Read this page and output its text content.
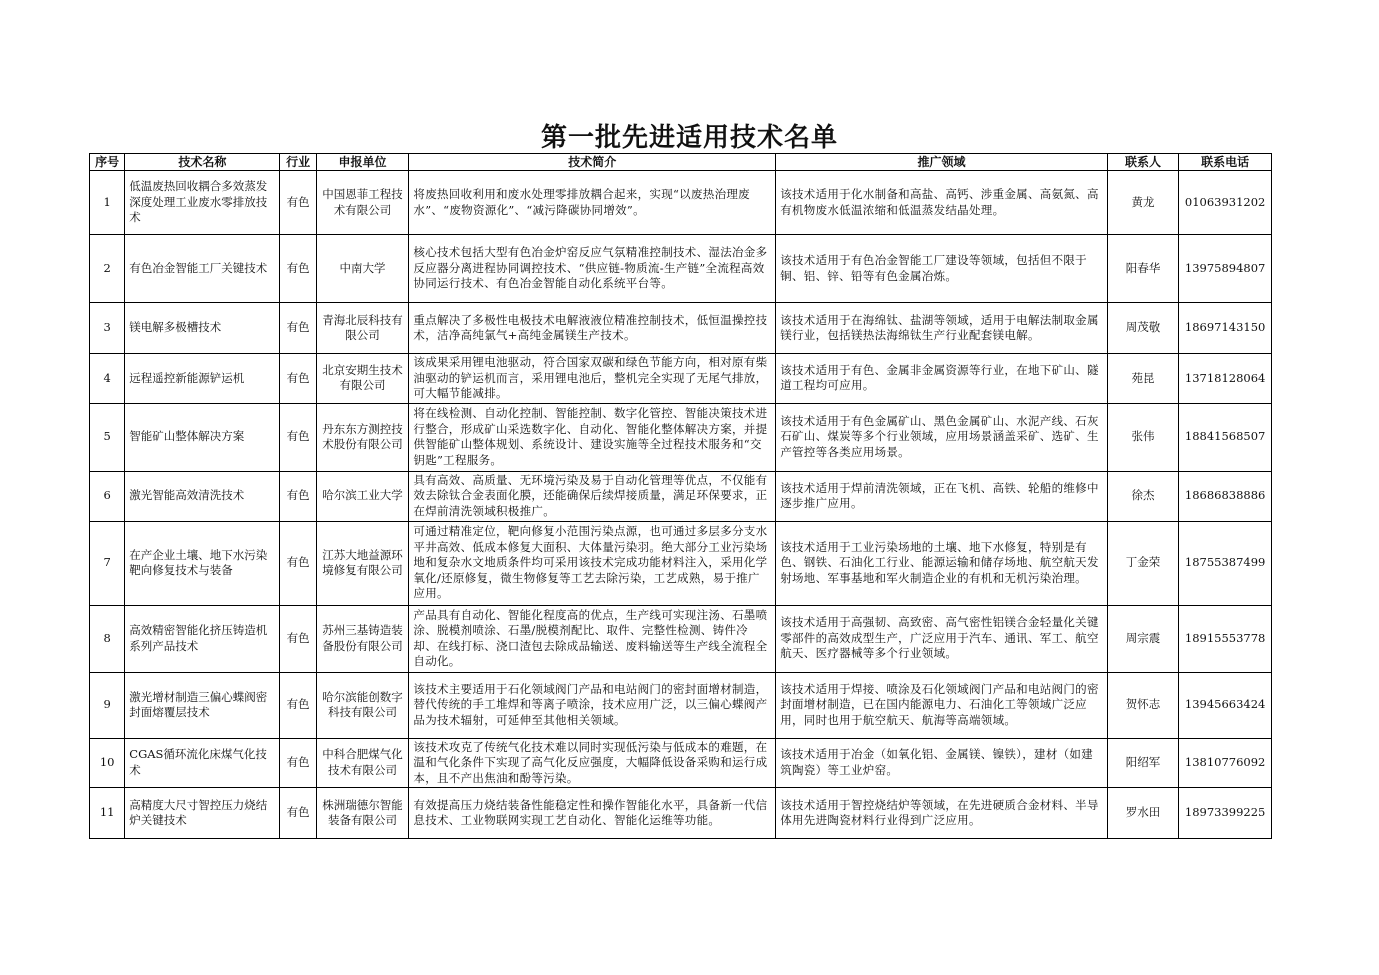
第一批先进适用技术名单
序号	技术名称	行业	申报单位	技术简介	推广领域	联系人	联系电话
1	低温废热回收耦合多效蒸发深度处理工业废水零排放技术	有色	中国恩菲工程技术有限公司	将废热回收利用和废水处理零排放耦合起来，实现“以废热治理废水”、“废物资源化”、“减污降碳协同增效”。	该技术适用于化水制备和高盐、高钙、涉重金属、高氨氮、高有机物废水低温浓缩和低温蒸发结晶处理。	黄龙	01063931202
2	有色冶金智能工厂关键技术	有色	中南大学	核心技术包括大型有色冶金炉窑反应气氛精准控制技术、湿法冶金多反应器分离进程协同调控技术、“供应链-物质流-生产链”全流程高效协同运行技术、有色冶金智能自动化系统平台等。	该技术适用于有色冶金智能工厂建设等领域，包括但不限于铜、铝、锌、铅等有色金属冶炼。	阳春华	13975894807
3	镁电解多极槽技术	有色	青海北辰科技有限公司	重点解决了多极性电极技术电解液液位精准控制技术，低恒温操控技术，洁净高纯氯气+高纯金属镁生产技术。	该技术适用于在海绵钛、盐湖等领域，适用于电解法制取金属镁行业，包括镁热法海绵钛生产行业配套镁电解。	周茂敬	18697143150
4	远程遥控新能源铲运机	有色	北京安期生技术有限公司	该成果采用锂电池驱动，符合国家双碳和绿色节能方向，相对原有柴油驱动的铲运机而言，采用锂电池后，整机完全实现了无尾气排放，可大幅节能减排。	该技术适用于有色、金属非金属资源等行业，在地下矿山、隧道工程均可应用。	苑昆	13718128064
5	智能矿山整体解决方案	有色	丹东东方测控技术股份有限公司	将在线检测、自动化控制、智能控制、数字化管控、智能决策技术进行整合，形成矿山采选数字化、自动化、智能化整体解决方案，并提供智能矿山整体规划、系统设计、建设实施等全过程技术服务和“交钥匙”工程服务。	该技术适用于有色金属矿山、黑色金属矿山、水泥产线、石灰石矿山、煤炭等多个行业领域，应用场景涵盖采矿、选矿、生产管控等各类应用场景。	张伟	18841568507
6	激光智能高效清洗技术	有色	哈尔滨工业大学	具有高效、高质量、无环境污染及易于自动化管理等优点，不仅能有效去除钛合金表面化膜，还能确保后续焊接质量，满足环保要求，正在焊前清洗领域积极推广。	该技术适用于焊前清洗领域，正在飞机、高铁、轮船的维修中逐步推广应用。	徐杰	18686838886
7	在产企业土壤、地下水污染靶向修复技术与装备	有色	江苏大地益源环境修复有限公司	可通过精准定位，靶向修复小范围污染点源，也可通过多层多分支水平井高效、低成本修复大面积、大体量污染羽。绝大部分工业污染场地和复杂水文地质条件均可采用该技术完成功能材料注入，采用化学氧化/还原修复，微生物修复等工艺去除污染，工艺成熟，易于推广应用。	该技术适用于工业污染场地的土壤、地下水修复，特别是有色、钢铁、石油化工行业、能源运输和储存场地、航空航天发射场地、军事基地和军火制造企业的有机和无机污染治理。	丁金荣	18755387499
8	高效精密智能化挤压铸造机系列产品技术	有色	苏州三基铸造装备股份有限公司	产品具有自动化、智能化程度高的优点，生产线可实现注汤、石墨喷涂、脱模剂喷涂、石墨/脱模剂配比、取件、完整性检测、铸件冷却、在线打标、浇口渣包去除成品输送、废料输送等生产线全流程全自动化。	该技术适用于高强韧、高致密、高气密性铝镁合金轻量化关键零部件的高效成型生产，广泛应用于汽车、通讯、军工、航空航天、医疗器械等多个行业领域。	周宗震	18915553778
9	激光增材制造三偏心蝶阀密封面熔覆层技术	有色	哈尔滨能创数字科技有限公司	该技术主要适用于石化领域阀门产品和电站阀门的密封面增材制造，替代传统的手工堆焊和等离子喷涂，技术应用广泛，以三偏心蝶阀产品为技术辐射，可延伸至其他相关领域。	该技术适用于焊接、喷涂及石化领域阀门产品和电站阀门的密封面增材制造，已在国内能源电力、石油化工等领域广泛应用，同时也用于航空航天、航海等高端领域。	贺怀志	13945663424
10	CGAS循环流化床煤气化技术	有色	中科合肥煤气化技术有限公司	该技术攻克了传统气化技术难以同时实现低污染与低成本的难题，在温和气化条件下实现了高气化反应强度，大幅降低设备采购和运行成本，且不产出焦油和酚等污染。	该技术适用于冶金（如氧化铝、金属镁、镍铁），建材（如建筑陶瓷）等工业炉窑。	阳绍军	13810776092
11	高精度大尺寸智控压力烧结炉关键技术	有色	株洲瑞德尔智能装备有限公司	有效提高压力烧结装备性能稳定性和操作智能化水平，具备新一代信息技术、工业物联网实现工艺自动化、智能化运维等功能。	该技术适用于智控烧结炉等领域，在先进硬质合金材料、半导体用先进陶瓷材料行业得到广泛应用。	罗水田	18973399225
